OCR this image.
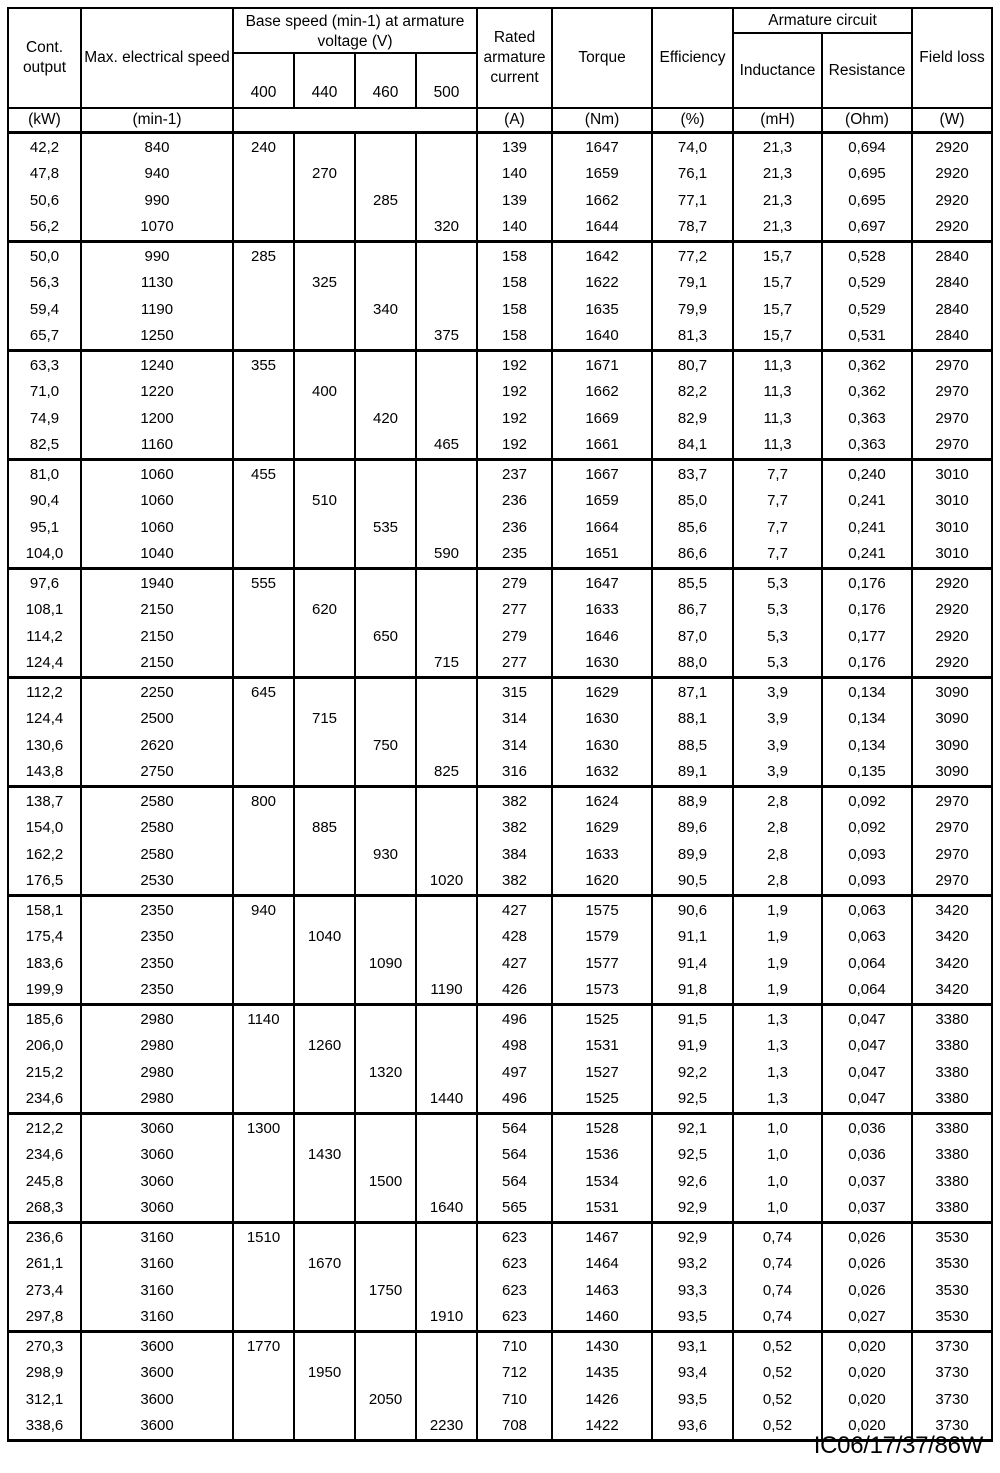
Cont. output	Max. electrical speed	Base speed (min-1) at armature voltage (V)				Rated armature current	Torque	Efficiency	Armature circuit		Field loss
									Inductance	Resistance	
		400	440	460	500						
(kW)	(min-1)					(A)	(Nm)	(%)	(mH)	(Ohm)	(W)
42,2	840	240				139	1647	74,0	21,3	0,694	2920
47,8	940		270			140	1659	76,1	21,3	0,695	2920
50,6	990			285		139	1662	77,1	21,3	0,695	2920
56,2	1070				320	140	1644	78,7	21,3	0,697	2920
50,0	990	285				158	1642	77,2	15,7	0,528	2840
56,3	1130		325			158	1622	79,1	15,7	0,529	2840
59,4	1190			340		158	1635	79,9	15,7	0,529	2840
65,7	1250				375	158	1640	81,3	15,7	0,531	2840
63,3	1240	355				192	1671	80,7	11,3	0,362	2970
71,0	1220		400			192	1662	82,2	11,3	0,362	2970
74,9	1200			420		192	1669	82,9	11,3	0,363	2970
82,5	1160				465	192	1661	84,1	11,3	0,363	2970
81,0	1060	455				237	1667	83,7	7,7	0,240	3010
90,4	1060		510			236	1659	85,0	7,7	0,241	3010
95,1	1060			535		236	1664	85,6	7,7	0,241	3010
104,0	1040				590	235	1651	86,6	7,7	0,241	3010
97,6	1940	555				279	1647	85,5	5,3	0,176	2920
108,1	2150		620			277	1633	86,7	5,3	0,176	2920
114,2	2150			650		279	1646	87,0	5,3	0,177	2920
124,4	2150				715	277	1630	88,0	5,3	0,176	2920
112,2	2250	645				315	1629	87,1	3,9	0,134	3090
124,4	2500		715			314	1630	88,1	3,9	0,134	3090
130,6	2620			750		314	1630	88,5	3,9	0,134	3090
143,8	2750				825	316	1632	89,1	3,9	0,135	3090
138,7	2580	800				382	1624	88,9	2,8	0,092	2970
154,0	2580		885			382	1629	89,6	2,8	0,092	2970
162,2	2580			930		384	1633	89,9	2,8	0,093	2970
176,5	2530				1020	382	1620	90,5	2,8	0,093	2970
158,1	2350	940				427	1575	90,6	1,9	0,063	3420
175,4	2350		1040			428	1579	91,1	1,9	0,063	3420
183,6	2350			1090		427	1577	91,4	1,9	0,064	3420
199,9	2350				1190	426	1573	91,8	1,9	0,064	3420
185,6	2980	1140				496	1525	91,5	1,3	0,047	3380
206,0	2980		1260			498	1531	91,9	1,3	0,047	3380
215,2	2980			1320		497	1527	92,2	1,3	0,047	3380
234,6	2980				1440	496	1525	92,5	1,3	0,047	3380
212,2	3060	1300				564	1528	92,1	1,0	0,036	3380
234,6	3060		1430			564	1536	92,5	1,0	0,036	3380
245,8	3060			1500		564	1534	92,6	1,0	0,037	3380
268,3	3060				1640	565	1531	92,9	1,0	0,037	3380
236,6	3160	1510				623	1467	92,9	0,74	0,026	3530
261,1	3160		1670			623	1464	93,2	0,74	0,026	3530
273,4	3160			1750		623	1463	93,3	0,74	0,026	3530
297,8	3160				1910	623	1460	93,5	0,74	0,027	3530
270,3	3600	1770				710	1430	93,1	0,52	0,020	3730
298,9	3600		1950			712	1435	93,4	0,52	0,020	3730
312,1	3600			2050		710	1426	93,5	0,52	0,020	3730
338,6	3600				2230	708	1422	93,6	0,52	0,020	3730
IC06/17/37/86W
